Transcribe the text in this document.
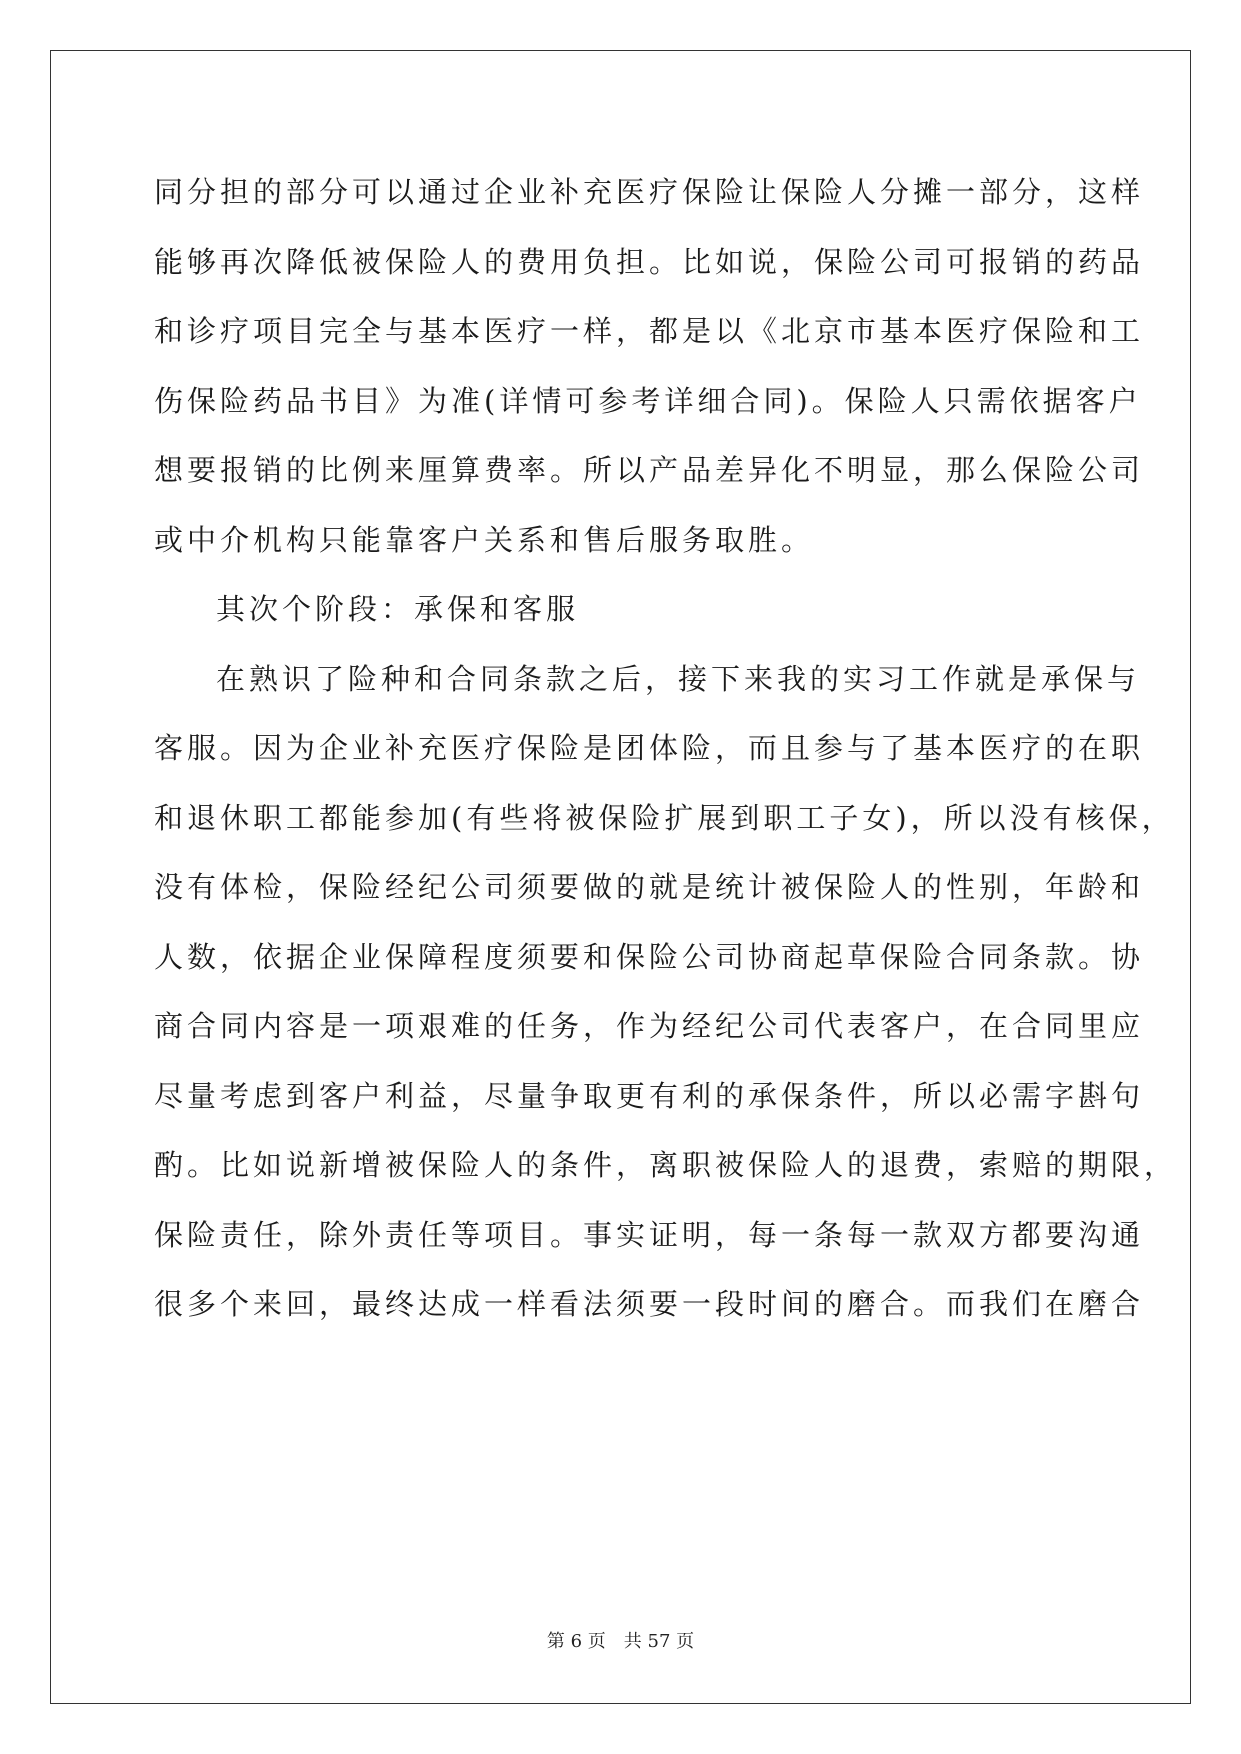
同分担的部分可以通过企业补充医疗保险让保险人分摊一部分，这样
能够再次降低被保险人的费用负担。比如说，保险公司可报销的药品
和诊疗项目完全与基本医疗一样，都是以《北京市基本医疗保险和工
伤保险药品书目》为准(详情可参考详细合同)。保险人只需依据客户
想要报销的比例来厘算费率。所以产品差异化不明显，那么保险公司
或中介机构只能靠客户关系和售后服务取胜。
其次个阶段：承保和客服
在熟识了险种和合同条款之后，接下来我的实习工作就是承保与
客服。因为企业补充医疗保险是团体险，而且参与了基本医疗的在职
和退休职工都能参加(有些将被保险扩展到职工子女)，所以没有核保，
没有体检，保险经纪公司须要做的就是统计被保险人的性别，年龄和
人数，依据企业保障程度须要和保险公司协商起草保险合同条款。协
商合同内容是一项艰难的任务，作为经纪公司代表客户，在合同里应
尽量考虑到客户利益，尽量争取更有利的承保条件，所以必需字斟句
酌。比如说新增被保险人的条件，离职被保险人的退费，索赔的期限，
保险责任，除外责任等项目。事实证明，每一条每一款双方都要沟通
很多个来回，最终达成一样看法须要一段时间的磨合。而我们在磨合
第 6 页 共 57 页
